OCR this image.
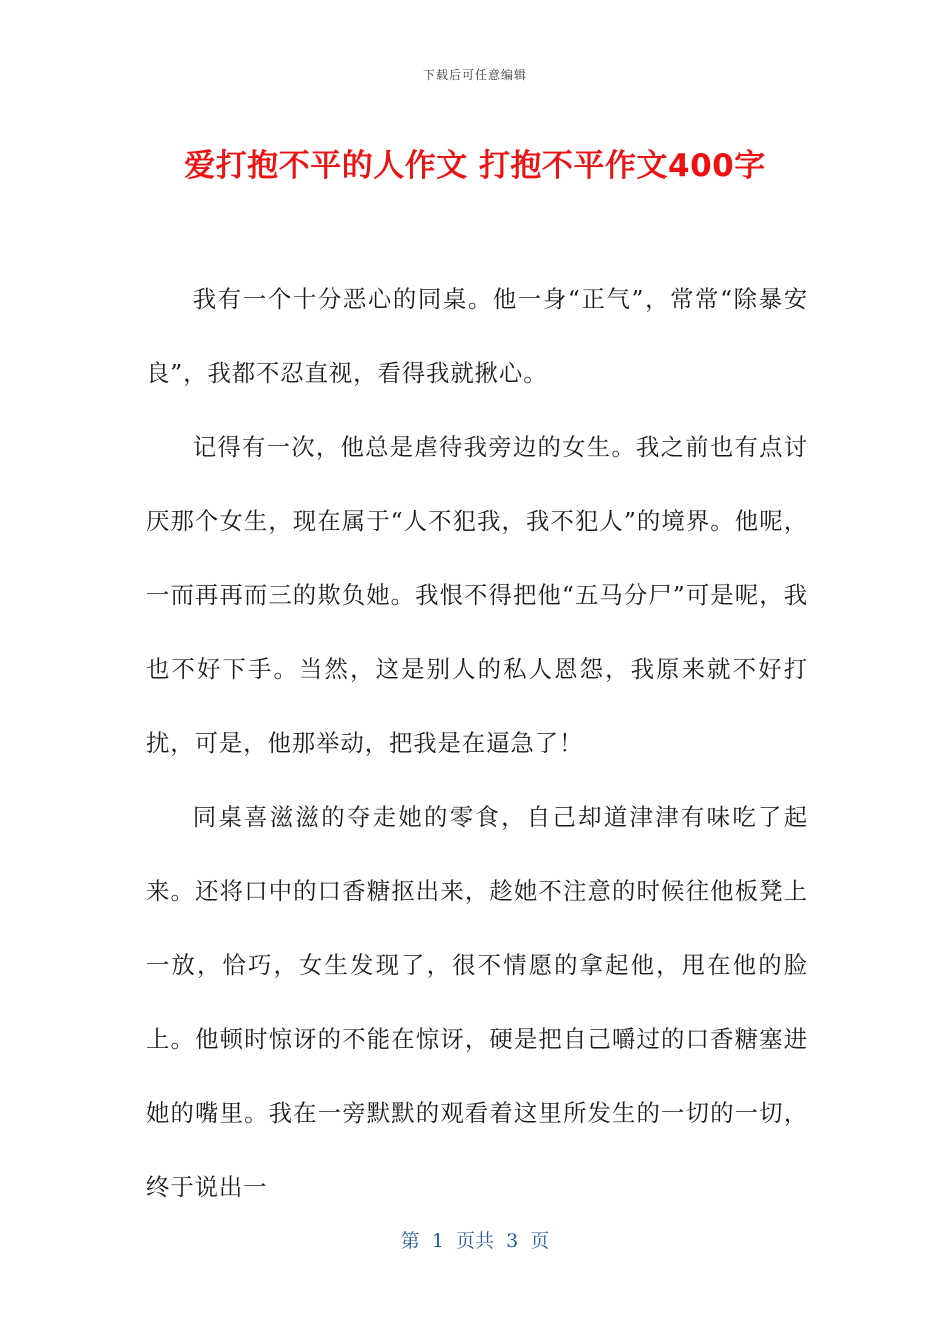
下载后可任意编辑
爱打抱不平的人作文 打抱不平作文400字

我有一个十分恶心的同桌。他一身“正气”，常常“除暴安良”，我都不忍直视，看得我就揪心。

记得有一次，他总是虐待我旁边的女生。我之前也有点讨厌那个女生，现在属于“人不犯我，我不犯人”的境界。他呢，一而再再而三的欺负她。我恨不得把他“五马分尸”可是呢，我也不好下手。当然，这是别人的私人恩怨，我原来就不好打扰，可是，他那举动，把我是在逼急了！

同桌喜滋滋的夺走她的零食，自己却道津津有味吃了起来。还将口中的口香糖抠出来，趁她不注意的时候往他板凳上一放，恰巧，女生发现了，很不情愿的拿起他，甩在他的脸上。他顿时惊讶的不能在惊讶，硬是把自己嚼过的口香糖塞进她的嘴里。我在一旁默默的观看着这里所发生的一切的一切，终于说出一

第  1  页共  3  页
